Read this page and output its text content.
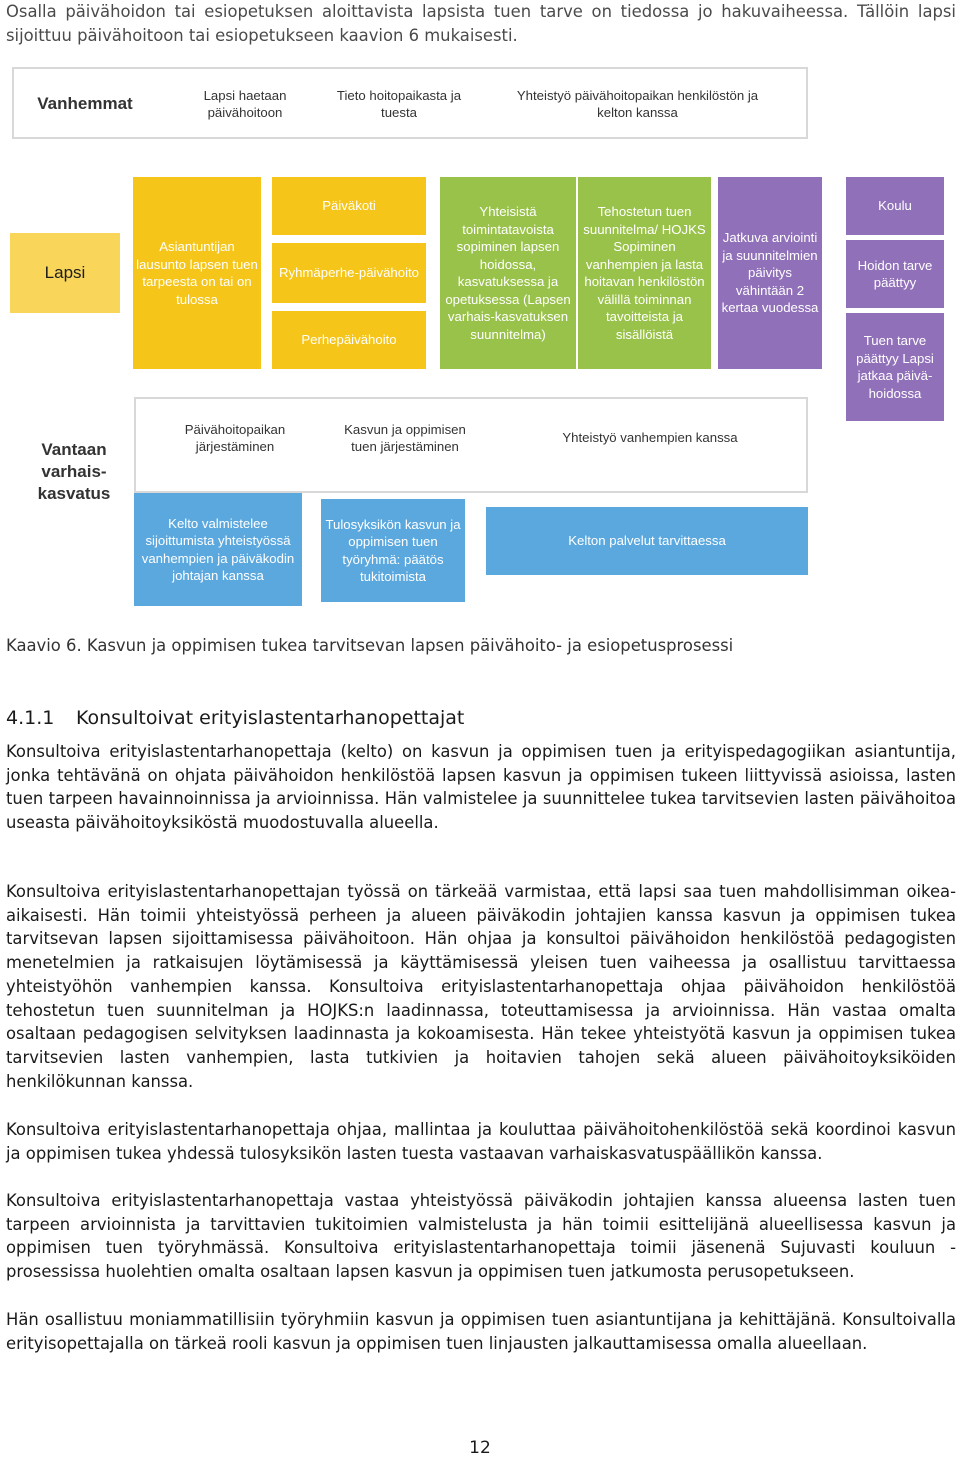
Osalla päivähoidon tai esiopetuksen aloittavista lapsista tuen tarve on tiedossa jo hakuvaiheessa. Tällöin lapsi sijoittuu päivähoitoon tai esiopetukseen kaavion 6 mukaisesti.

Vanhemmat	Lapsi haetaan päivähoitoon
Tieto hoitopaikasta ja tuesta
Yhteistyö päivähoitopaikan henkilöstön ja kelton kanssa
Lapsi
Asiantuntijan lausunto lapsen tuen tarpeesta on tai on tulossa
Päiväkoti
Ryhmäperhe-päivähoito
Perhepäivähoito
Yhteisistä toimintatavoista sopiminen lapsen hoidossa, kasvatuksessa ja opetuksessa (Lapsen varhais-kasvatuksen suunnitelma)
Tehostetun tuen suunnitelma/ HOJKS Sopiminen vanhempien ja lasta hoitavan henkilöstön välillä toiminnan tavoitteista ja sisällöistä
Jatkuva arviointi ja suunnitelmien päivitys vähintään 2 kertaa vuodessa
Koulu
Hoidon tarve päättyy
Tuen tarve päättyy Lapsi jatkaa päivä-hoidossa
Vantaan varhais-kasvatus
Päivähoitopaikan järjestäminen
Kasvun ja oppimisen tuen järjestäminen
Yhteistyö vanhempien kanssa
Kelto valmistelee sijoittumista yhteistyössä vanhempien ja päiväkodin johtajan kanssa
Tulosyksikön kasvun ja oppimisen tuen työryhmä: päätös tukitoimista
Kelton palvelut tarvittaessa
Kaavio 6. Kasvun ja oppimisen tukea tarvitsevan lapsen päivähoito- ja esiopetusprosessi
4.1.1 Konsultoivat erityislastentarhanopettajat

Konsultoiva erityislastentarhanopettaja (kelto) on kasvun ja oppimisen tuen ja erityispedagogiikan asiantuntija, jonka tehtävänä on ohjata päivähoidon henkilöstöä lapsen kasvun ja oppimisen tukeen liittyvissä asioissa, lasten tuen tarpeen havainnoinnissa ja arvioinnissa. Hän valmistelee ja suunnittelee tukea tarvitsevien lasten päivähoitoa useasta päivähoitoyksiköstä muodostuvalla alueella.

Konsultoiva erityislastentarhanopettajan työssä on tärkeää varmistaa, että lapsi saa tuen mahdollisimman oikea-aikaisesti. Hän toimii yhteistyössä perheen ja alueen päiväkodin johtajien kanssa kasvun ja oppimisen tukea tarvitsevan lapsen sijoittamisessa päivähoitoon. Hän ohjaa ja konsultoi päivähoidon henkilöstöä pedagogisten menetelmien ja ratkaisujen löytämisessä ja käyttämisessä yleisen tuen vaiheessa ja osallistuu tarvittaessa yhteistyöhön vanhempien kanssa. Konsultoiva erityislastentarhanopettaja ohjaa päivähoidon henkilöstöä tehostetun tuen suunnitelman ja HOJKS:n laadinnassa, toteuttamisessa ja arvioinnissa. Hän vastaa omalta osaltaan pedagogisen selvityksen laadinnasta ja kokoamisesta. Hän tekee yhteistyötä kasvun ja oppimisen tukea tarvitsevien lasten vanhempien, lasta tutkivien ja hoitavien tahojen sekä alueen päivähoitoyksiköiden henkilökunnan kanssa.

Konsultoiva erityislastentarhanopettaja ohjaa, mallintaa ja kouluttaa päivähoitohenkilöstöä sekä koordinoi kasvun ja oppimisen tukea yhdessä tulosyksikön lasten tuesta vastaavan varhaiskasvatuspäällikön kanssa.

Konsultoiva erityislastentarhanopettaja vastaa yhteistyössä päiväkodin johtajien kanssa alueensa lasten tuen tarpeen arvioinnista ja tarvittavien tukitoimien valmistelusta ja hän toimii esittelijänä alueellisessa kasvun ja oppimisen tuen työryhmässä. Konsultoiva erityislastentarhanopettaja toimii jäsenenä Sujuvasti kouluun -prosessissa huolehtien omalta osaltaan lapsen kasvun ja oppimisen tuen jatkumosta perusopetukseen.

Hän osallistuu moniammatillisiin työryhmiin kasvun ja oppimisen tuen asiantuntijana ja kehittäjänä. Konsultoivalla erityisopettajalla on tärkeä rooli kasvun ja oppimisen tuen linjausten jalkauttamisessa omalla alueellaan.

12
